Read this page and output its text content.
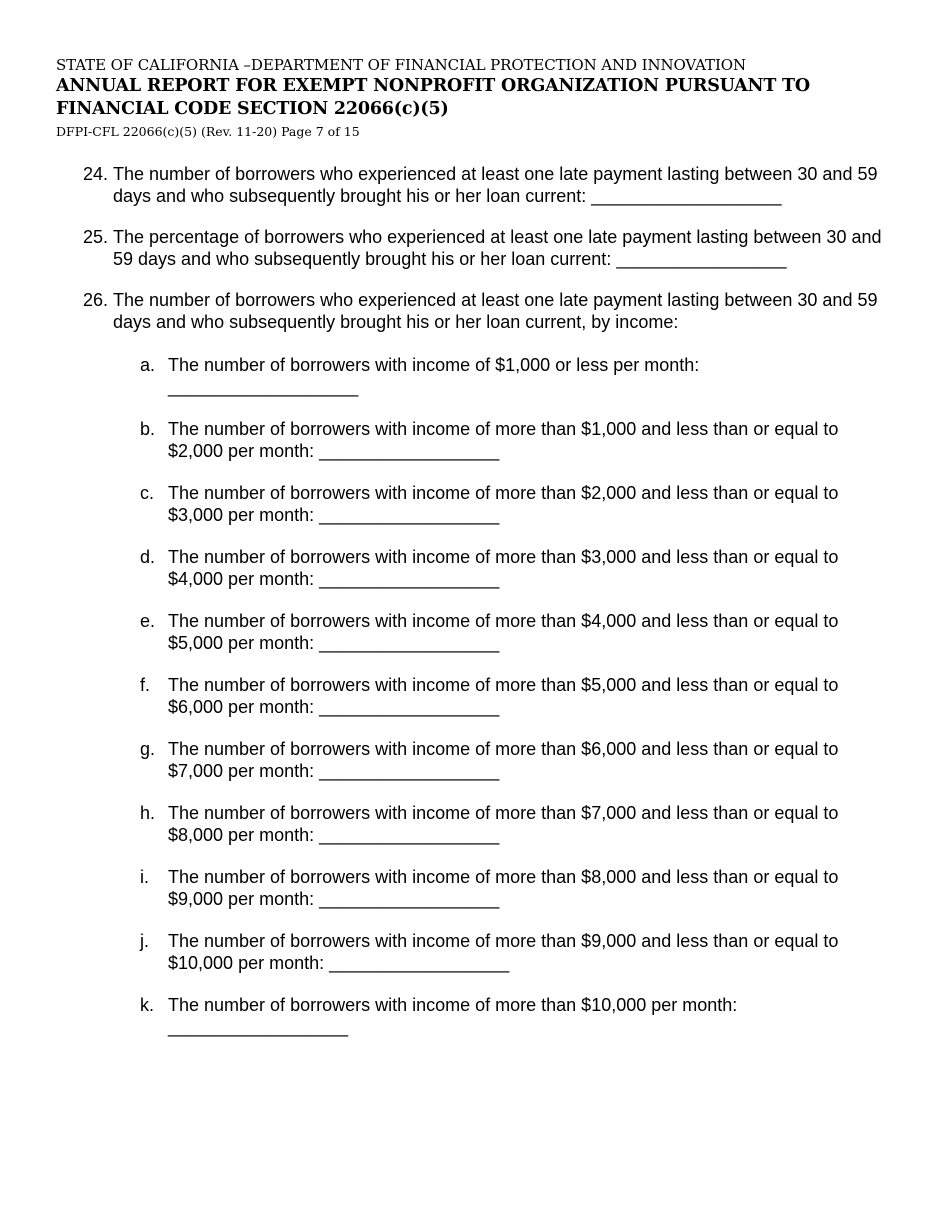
STATE OF CALIFORNIA –DEPARTMENT OF FINANCIAL PROTECTION AND INNOVATION
ANNUAL REPORT FOR EXEMPT NONPROFIT ORGANIZATION PURSUANT TO
FINANCIAL CODE SECTION 22066(c)(5)
DFPI-CFL 22066(c)(5) (Rev. 11-20) Page 7 of 15
24. The number of borrowers who experienced at least one late payment lasting between 30 and 59 days and who subsequently brought his or her loan current: ___________________
25. The percentage of borrowers who experienced at least one late payment lasting between 30 and 59 days and who subsequently brought his or her loan current: _________________
26. The number of borrowers who experienced at least one late payment lasting between 30 and 59 days and who subsequently brought his or her loan current, by income:
a. The number of borrowers with income of $1,000 or less per month:
___________________
b. The number of borrowers with income of more than $1,000 and less than or equal to $2,000 per month: __________________
c. The number of borrowers with income of more than $2,000 and less than or equal to $3,000 per month: __________________
d. The number of borrowers with income of more than $3,000 and less than or equal to $4,000 per month: __________________
e. The number of borrowers with income of more than $4,000 and less than or equal to $5,000 per month: __________________
f. The number of borrowers with income of more than $5,000 and less than or equal to $6,000 per month: __________________
g. The number of borrowers with income of more than $6,000 and less than or equal to $7,000 per month: __________________
h. The number of borrowers with income of more than $7,000 and less than or equal to $8,000 per month: __________________
i.	The number of borrowers with income of more than $8,000 and less than or equal to $9,000 per month: __________________
j.	The number of borrowers with income of more than $9,000 and less than or equal to $10,000 per month: __________________
k. The number of borrowers with income of more than $10,000 per month:
__________________
